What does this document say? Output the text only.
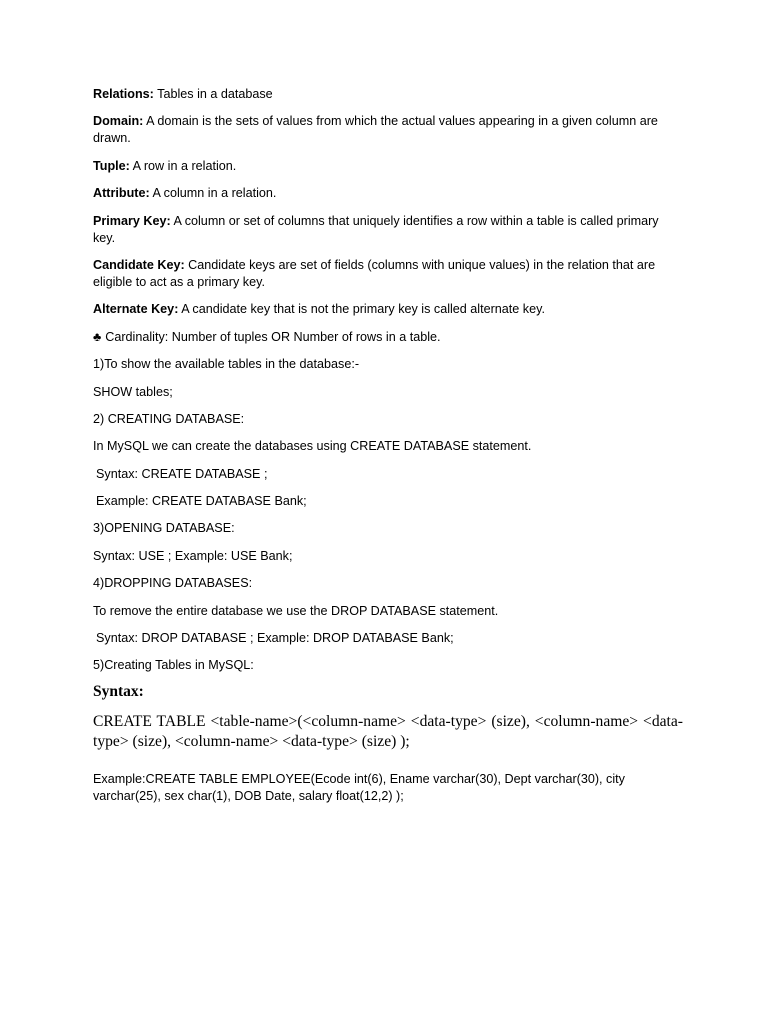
Relations: Tables in a database

Domain: A domain is the sets of values from which the actual values appearing in a given column are drawn.

Tuple: A row in a relation.

Attribute: A column in a relation.

Primary Key: A column or set of columns that uniquely identifies a row within a table is called primary key.

Candidate Key: Candidate keys are set of fields (columns with unique values) in the relation that are eligible to act as a primary key.

Alternate Key: A candidate key that is not the primary key is called alternate key.

♣ Cardinality: Number of tuples OR Number of rows in a table.

1)To show the available tables in the database:-

SHOW tables;

2) CREATING DATABASE:

In MySQL we can create the databases using CREATE DATABASE statement.

Syntax: CREATE DATABASE ;

Example: CREATE DATABASE Bank;

3)OPENING DATABASE:

Syntax: USE ; Example: USE Bank;

4)DROPPING DATABASES:

To remove the entire database we use the DROP DATABASE statement.

Syntax: DROP DATABASE ; Example: DROP DATABASE Bank;

5)Creating Tables in MySQL:

Syntax:

CREATE TABLE <table-name>(<column-name> <data-type> (size), <column-name> <data-type> (size), <column-name> <data-type> (size) );

Example:CREATE TABLE EMPLOYEE(Ecode int(6), Ename varchar(30), Dept varchar(30), city varchar(25), sex char(1), DOB Date, salary float(12,2) );
